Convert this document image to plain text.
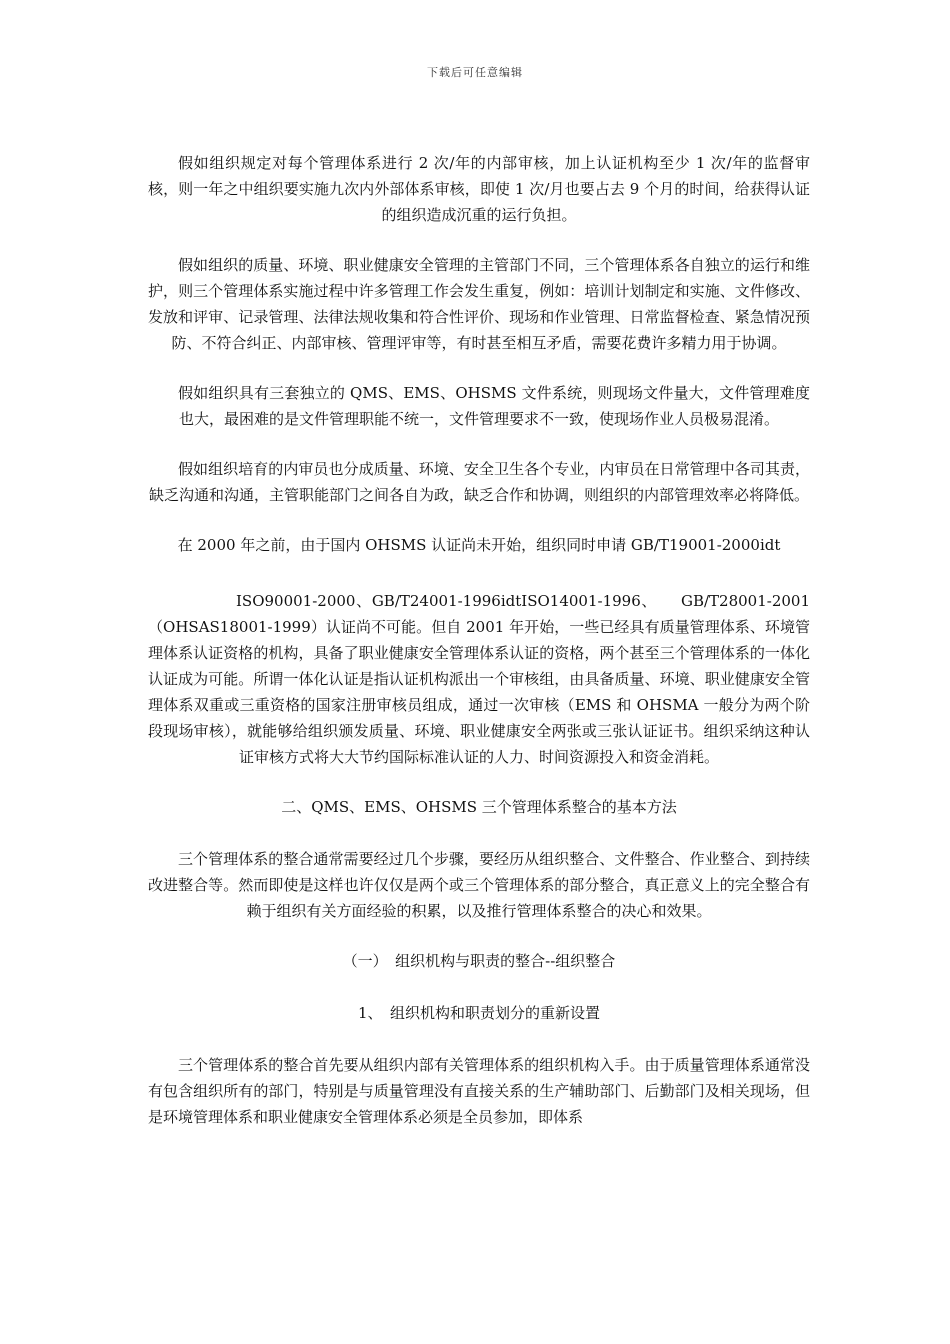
下载后可任意编辑

假如组织规定对每个管理体系进行 2 次/年的内部审核，加上认证机构至少 1 次/年的监督审核，则一年之中组织要实施九次内外部体系审核，即使 1 次/月也要占去 9 个月的时间，给获得认证的组织造成沉重的运行负担。

假如组织的质量、环境、职业健康安全管理的主管部门不同，三个管理体系各自独立的运行和维护，则三个管理体系实施过程中许多管理工作会发生重复，例如：培训计划制定和实施、文件修改、发放和评审、记录管理、法律法规收集和符合性评价、现场和作业管理、日常监督检查、紧急情况预防、不符合纠正、内部审核、管理评审等，有时甚至相互矛盾，需要花费许多精力用于协调。

假如组织具有三套独立的 QMS、EMS、OHSMS 文件系统，则现场文件量大，文件管理难度也大，最困难的是文件管理职能不统一，文件管理要求不一致，使现场作业人员极易混淆。

假如组织培育的内审员也分成质量、环境、安全卫生各个专业，内审员在日常管理中各司其责，缺乏沟通和沟通，主管职能部门之间各自为政，缺乏合作和协调，则组织的内部管理效率必将降低。

在 2000 年之前，由于国内 OHSMS 认证尚未开始，组织同时申请 GB/T19001-2000idt

ISO90001-2000、GB/T24001-1996idtISO14001-1996、　　GB/T28001-2001（OHSAS18001-1999）认证尚不可能。但自 2001 年开始，一些已经具有质量管理体系、环境管理体系认证资格的机构，具备了职业健康安全管理体系认证的资格，两个甚至三个管理体系的一体化认证成为可能。所谓一体化认证是指认证机构派出一个审核组，由具备质量、环境、职业健康安全管理体系双重或三重资格的国家注册审核员组成，通过一次审核（EMS 和 OHSMA 一般分为两个阶段现场审核），就能够给组织颁发质量、环境、职业健康安全两张或三张认证证书。组织采纳这种认证审核方式将大大节约国际标准认证的人力、时间资源投入和资金消耗。

二、QMS、EMS、OHSMS 三个管理体系整合的基本方法

三个管理体系的整合通常需要经过几个步骤，要经历从组织整合、文件整合、作业整合、到持续改进整合等。然而即使是这样也许仅仅是两个或三个管理体系的部分整合，真正意义上的完全整合有赖于组织有关方面经验的积累，以及推行管理体系整合的决心和效果。

（一）　组织机构与职责的整合--组织整合

1、　组织机构和职责划分的重新设置

三个管理体系的整合首先要从组织内部有关管理体系的组织机构入手。由于质量管理体系通常没有包含组织所有的部门，特别是与质量管理没有直接关系的生产辅助部门、后勤部门及相关现场，但是环境管理体系和职业健康安全管理体系必须是全员参加，即体系
